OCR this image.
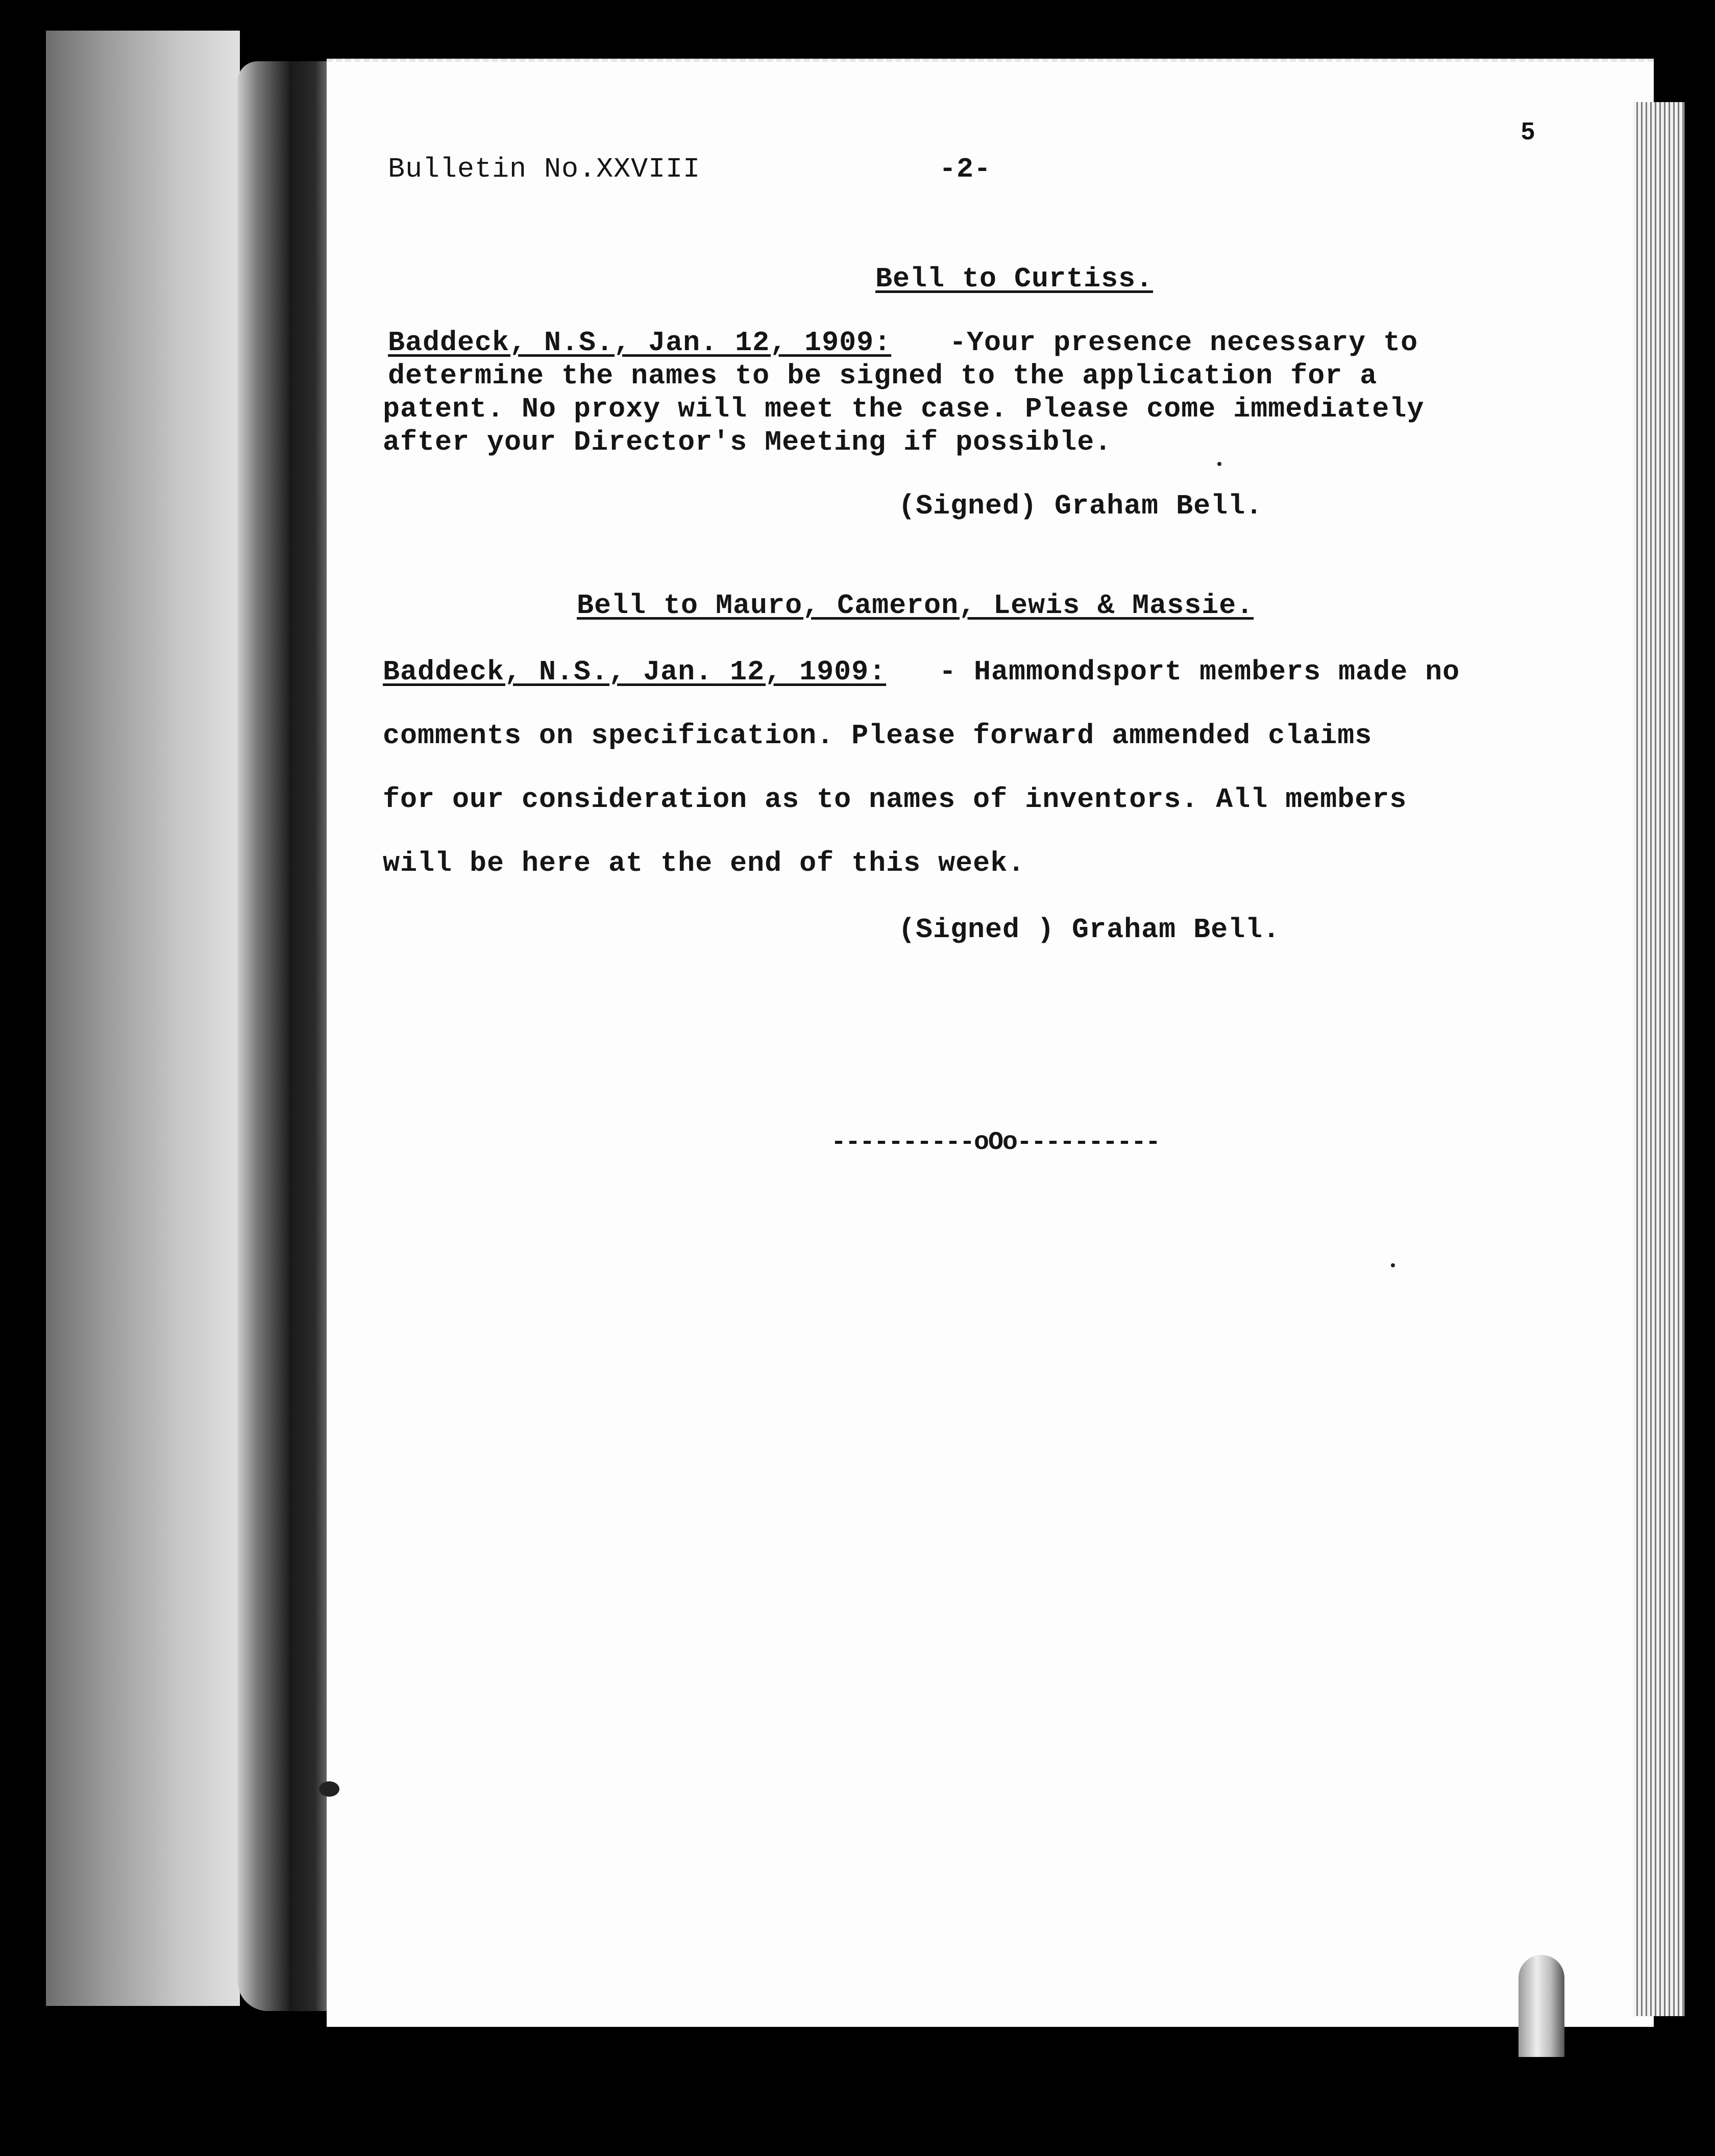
5
Bulletin No.XXVIII	-2-
Bell to Curtiss.
Baddeck, N.S., Jan. 12, 1909: -Your presence necessary to
determine the names to be signed to the application for a
patent. No proxy will meet the case. Please come immediately
after your Director's Meeting if possible.
(Signed) Graham Bell.
Bell to Mauro, Cameron, Lewis & Massie.
Baddeck, N.S., Jan. 12, 1909: - Hammondsport members made no
comments on specification. Please forward ammended claims
for our consideration as to names of inventors. All members
will be here at the end of this week.
(Signed ) Graham Bell.
----------oOo----------
